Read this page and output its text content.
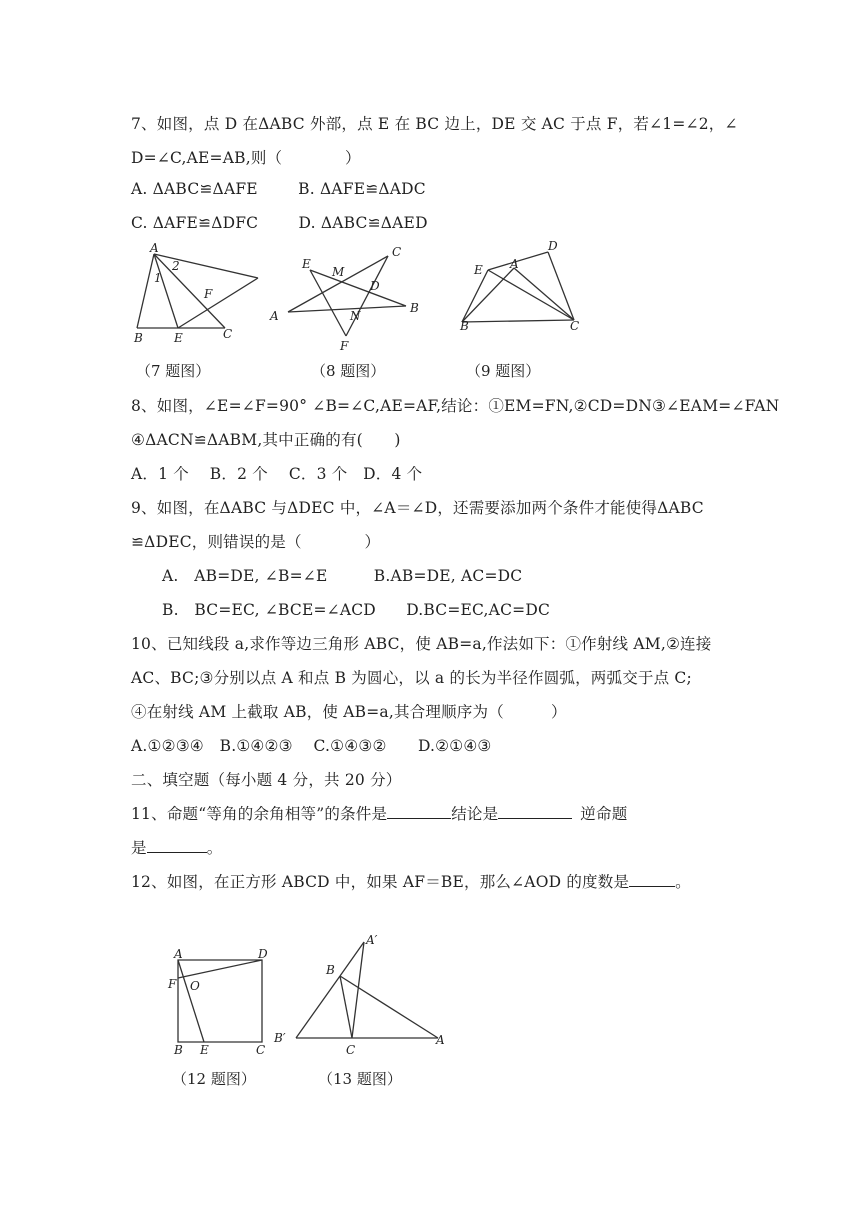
7、如图，点 D 在ΔABC 外部，点 E 在 BC 边上，DE 交 AC 于点 F，若∠1=∠2，∠
D=∠C,AE=AB,则（　　　　）
A. ΔABC≌ΔAFE	B. ΔAFE≌ΔADC
C. ΔAFE≌ΔDFC	D. ΔABC≌ΔAED
A
2
1
F
B	E	C
E
M
C
D
A	N
B
F
D
E A
B	C
（7 题图）	（8 题图）	（9 题图）
8、如图，∠E=∠F=90° ∠B=∠C,AE=AF,结论：①EM=FN,②CD=DN③∠EAM=∠FAN
④ΔACN≌ΔABM,其中正确的有(　　)
A．1 个　 B．2 个　 C．3 个　D．4 个
9、如图，在ΔABC 与ΔDEC 中，∠A＝∠D，还需要添加两个条件才能使得ΔABC
≌ΔDEC，则错误的是（　　　　）
A.　AB=DE, ∠B=∠E	B.AB=DE, AC=DC
B.　BC=EC, ∠BCE=∠ACD D.BC=EC,AC=DC
10、已知线段 a,求作等边三角形 ABC，使 AB=a,作法如下：①作射线 AM,②连接
AC、BC;③分别以点 A 和点 B 为圆心，以 a 的长为半径作圆弧，两弧交于点 C;
④在射线 AM 上截取 AB，使 AB=a,其合理顺序为（　　　）
A.①②③④　B.①④②③　 C.①④③②　　D.②①④③
二、填空题（每小题 4 分，共 20 分）
11、命题“等角的余角相等”的条件是	结论是	逆命题
是	。
12、如图，在正方形 ABCD 中，如果 AF＝BE，那么∠AOD 的度数是	。
A	D
F O
B E	C
A′
B
B′
C
A
（12 题图）	（13 题图）
